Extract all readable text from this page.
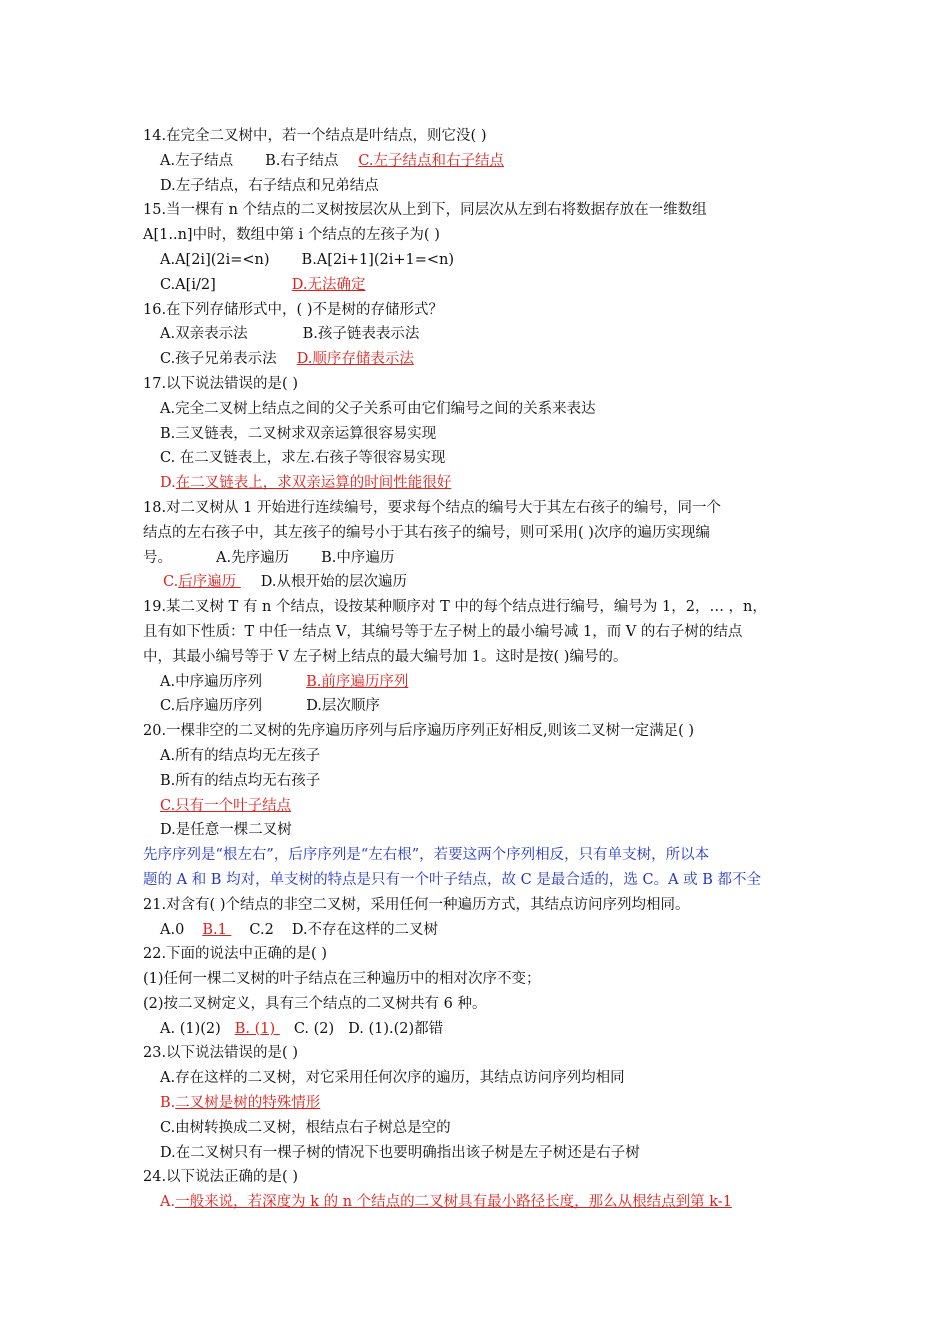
14.在完全二叉树中，若一个结点是叶结点，则它没( )
A.左子结点 B.右子结点 C.左子结点和右子结点
D.左子结点，右子结点和兄弟结点
15.当一棵有 n 个结点的二叉树按层次从上到下，同层次从左到右将数据存放在一维数组
A[1..n]中时，数组中第 i 个结点的左孩子为( )
A.A[2i](2i=<n) B.A[2i+1](2i+1=<n)
C.A[i/2]	D.无法确定
16.在下列存储形式中，( )不是树的存储形式？
A.双亲表示法	B.孩子链表表示法
C.孩子兄弟表示法 D.顺序存储表示法
17.以下说法错误的是( )
A.完全二叉树上结点之间的父子关系可由它们编号之间的关系来表达
B.三叉链表，二叉树求双亲运算很容易实现
C. 在二叉链表上，求左.右孩子等很容易实现
D.在二叉链表上，求双亲运算的时间性能很好
18.对二叉树从 1 开始进行连续编号，要求每个结点的编号大于其左右孩子的编号，同一个
结点的左右孩子中，其左孩子的编号小于其右孩子的编号，则可采用( )次序的遍历实现编
号。	A.先序遍历 B.中序遍历
C.后序遍历 D.从根开始的层次遍历
19.某二叉树 T 有 n 个结点，设按某种顺序对 T 中的每个结点进行编号，编号为 1，2，… ，n，
且有如下性质：T 中任一结点 V，其编号等于左子树上的最小编号减 1，而 V 的右子树的结点
中，其最小编号等于 V 左子树上结点的最大编号加 1。这时是按( )编号的。
A.中序遍历序列	B.前序遍历序列
C.后序遍历序列	D.层次顺序
20.一棵非空的二叉树的先序遍历序列与后序遍历序列正好相反,则该二叉树一定满足( )
A.所有的结点均无左孩子
B.所有的结点均无右孩子
C.只有一个叶子结点
D.是任意一棵二叉树
先序序列是“根左右”，后序序列是“左右根”，若要这两个序列相反，只有单支树，所以本
题的 A 和 B 均对，单支树的特点是只有一个叶子结点，故 C 是最合适的，选 C。A 或 B 都不全
21.对含有( )个结点的非空二叉树，采用任何一种遍历方式，其结点访问序列均相同。
A.0 B.1 C.2 D.不存在这样的二叉树
22.下面的说法中正确的是( )
(1)任何一棵二叉树的叶子结点在三种遍历中的相对次序不变；
(2)按二叉树定义，具有三个结点的二叉树共有 6 种。
A. (1)(2) B. (1) C. (2) D. (1).(2)都错
23.以下说法错误的是( )
A.存在这样的二叉树，对它采用任何次序的遍历，其结点访问序列均相同
B.二叉树是树的特殊情形
C.由树转换成二叉树，根结点右子树总是空的
D.在二叉树只有一棵子树的情况下也要明确指出该子树是左子树还是右子树
24.以下说法正确的是( )
A.一般来说，若深度为 k 的 n 个结点的二叉树具有最小路径长度，那么从根结点到第 k-1
